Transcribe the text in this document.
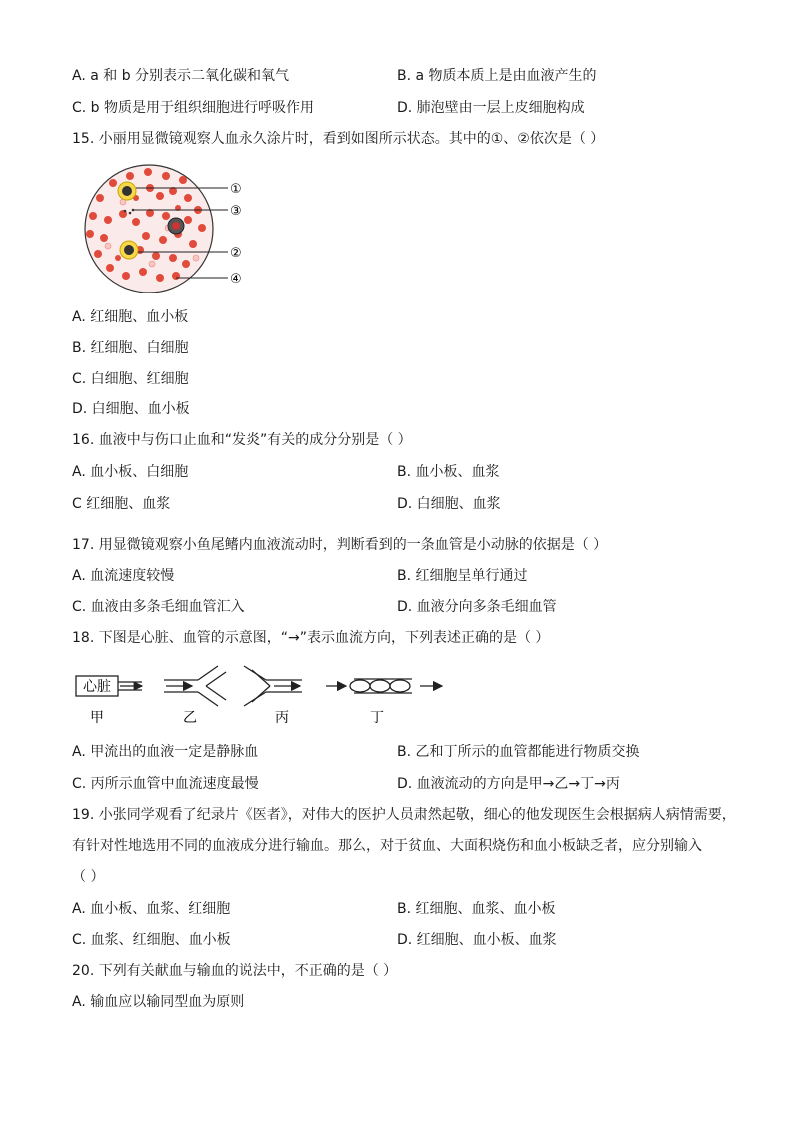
A. a 和 b 分别表示二氧化碳和氧气	B. a 物质本质上是由血液产生的
C. b 物质是用于组织细胞进行呼吸作用	D. 肺泡壁由一层上皮细胞构成
15. 小丽用显微镜观察人血永久涂片时，看到如图所示状态。其中的①、②依次是（ ）
①
③
②
④
A. 红细胞、血小板
B. 红细胞、白细胞
C. 白细胞、红细胞
D. 白细胞、血小板
16. 血液中与伤口止血和“发炎”有关的成分分别是（ ）
A. 血小板、白细胞	B. 血小板、血浆
C 红细胞、血浆	D. 白细胞、血浆
17. 用显微镜观察小鱼尾鳍内血液流动时，判断看到的一条血管是小动脉的依据是（ ）
A. 血流速度较慢	B. 红细胞呈单行通过
C. 血液由多条毛细血管汇入	D. 血液分向多条毛细血管
18. 下图是心脏、血管的示意图，“→”表示血流方向，下列表述正确的是（ ）
心脏
甲	乙	丙	丁
A. 甲流出的血液一定是静脉血	B. 乙和丁所示的血管都能进行物质交换
C. 丙所示血管中血流速度最慢	D. 血液流动的方向是甲→乙→丁→丙
19. 小张同学观看了纪录片《医者》，对伟大的医护人员肃然起敬，细心的他发现医生会根据病人病情需要，
有针对性地选用不同的血液成分进行输血。那么，对于贫血、大面积烧伤和血小板缺乏者，应分别输入
（ ）
A. 血小板、血浆、红细胞	B. 红细胞、血浆、血小板
C. 血浆、红细胞、血小板	D. 红细胞、血小板、血浆
20. 下列有关献血与输血的说法中，不正确的是（ ）
A. 输血应以输同型血为原则
